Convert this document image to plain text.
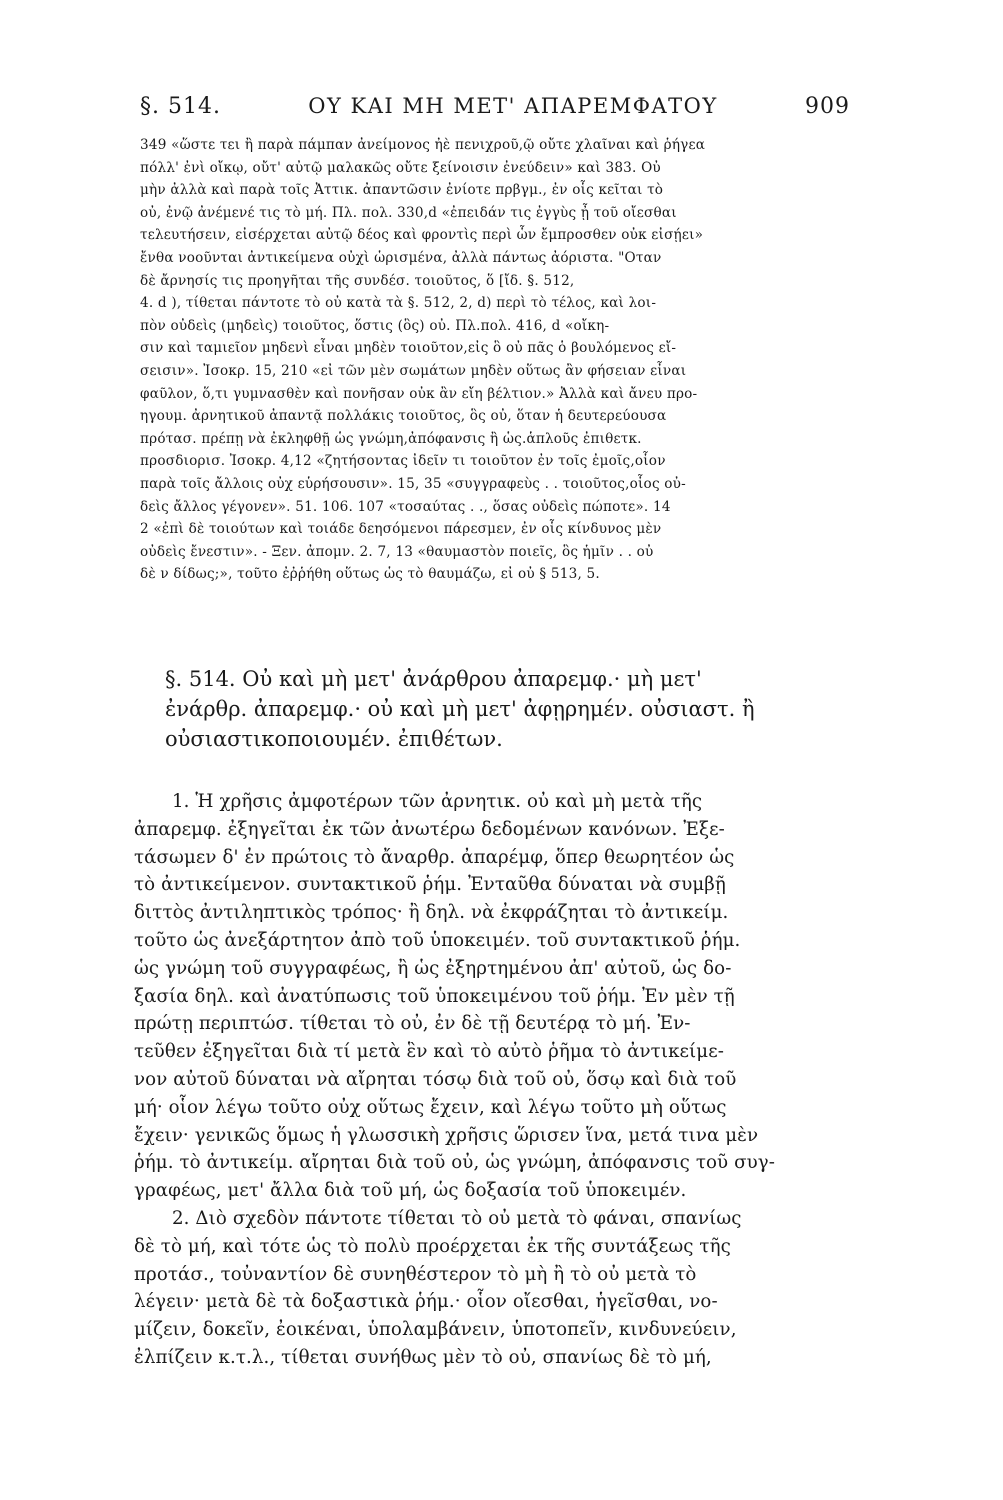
§. 514.	ΟΥ ΚΑΙ ΜΗ ΜΕΤ' ΑΠΑΡΕΜΦΑΤΟΥ	909
349 «ὥστε τει ἢ παρὰ πάμπαν ἀνείμονος ἠὲ πενιχροῦ,ῷ οὔτε χλαῖναι καὶ ῥήγεα
πόλλ' ἐνὶ οἴκῳ, οὔτ' αὐτῷ μαλακῶς οὔτε ξείνοισιν ἐνεύδειν» καὶ 383. Οὐ
μὴν ἀλλὰ καὶ παρὰ τοῖς Ἀττικ. ἀπαντῶσιν ἐνίοτε πρβγμ., ἐν οἷς κεῖται τὸ
οὐ, ἐνῷ ἀνέμενέ τις τὸ μή. Πλ. πολ. 330,d «ἐπειδάν τις ἐγγὺς ᾖ τοῦ οἴεσθαι
τελευτήσειν, εἰσέρχεται αὐτῷ δέος καὶ φροντὶς περὶ ὧν ἔμπροσθεν οὐκ εἰσῄει»
ἔνθα νοοῦνται ἀντικείμενα οὐχὶ ὡρισμένα, ἀλλὰ πάντως ἀόριστα. "Οταν
δὲ ἄρνησίς τις προηγῆται τῆς συνδέσ. τοιοῦτος, ὅ [ἴδ. §. 512,
4. d ), τίθεται πάντοτε τὸ οὐ κατὰ τὰ §. 512, 2, d) περὶ τὸ τέλος, καὶ λοι-
πὸν οὐδεὶς (μηδεὶς) τοιοῦτος, ὅστις (ὃς) οὐ. Πλ.πολ. 416, d «οἴκη-
σιν καὶ ταμιεῖον μηδενὶ εἶναι μηδὲν τοιοῦτον,εἰς ὃ οὐ πᾶς ὁ βουλόμενος εἴ-
σεισιν». Ἰσοκρ. 15, 210 «εἰ τῶν μὲν σωμάτων μηδὲν οὕτως ἂν φήσειαν εἶναι
φαῦλον, ὅ,τι γυμνασθὲν καὶ πονῆσαν οὐκ ἂν εἴη βέλτιον.» Ἀλλὰ καὶ ἄνευ προ-
ηγουμ. ἀρνητικοῦ ἀπαντᾷ πολλάκις τοιοῦτος, ὃς οὐ, ὅταν ἡ δευτερεύουσα
πρότασ. πρέπῃ νὰ ἐκληφθῇ ὡς γνώμη,ἀπόφανσις ἢ ὡς.ἁπλοῦς ἐπιθετκ.
προσδιορισ. Ἰσοκρ. 4,12 «ζητήσοντας ἰδεῖν τι τοιοῦτον ἐν τοῖς ἐμοῖς,οἷον
παρὰ τοῖς ἄλλοις οὐχ εὑρήσουσιν». 15, 35 «συγγραφεὺς . . τοιοῦτος,οἷος οὐ-
δεὶς ἄλλος γέγονεν». 51. 106. 107 «τοσαύτας . ., ὅσας οὐδεὶς πώποτε». 14
2 «ἐπὶ δὲ τοιούτων καὶ τοιάδε δεησόμενοι πάρεσμεν, ἐν οἷς κίνδυνος μὲν
οὐδεὶς ἔνεστιν». - Ξεν. ἀπομν. 2. 7, 13 «θαυμαστὸν ποιεῖς, ὃς ἡμῖν . . οὐ
δὲ ν δίδως;», τοῦτο ἐῤῥήθη οὕτως ὡς τὸ θαυμάζω, εἰ οὐ § 513, 5.
§. 514. Οὐ καὶ μὴ μετ' ἀνάρθρου ἀπαρεμφ.· μὴ μετ'
ἐνάρθρ. ἀπαρεμφ.· οὐ καὶ μὴ μετ' ἀφῃρημέν. οὐσιαστ. ἢ
οὐσιαστικοποιουμέν. ἐπιθέτων.
1. Ἡ χρῆσις ἀμφοτέρων τῶν ἀρνητικ. οὐ καὶ μὴ μετὰ τῆς
ἀπαρεμφ. ἐξηγεῖται ἐκ τῶν ἀνωτέρω δεδομένων κανόνων. Ἐξε-
τάσωμεν δ' ἐν πρώτοις τὸ ἄναρθρ. ἀπαρέμφ, ὅπερ θεωρητέον ὡς
τὸ ἀντικείμενον. συντακτικοῦ ῥήμ. Ἐνταῦθα δύναται νὰ συμβῇ
διττὸς ἀντιληπτικὸς τρόπος· ἢ δηλ. νὰ ἐκφράζηται τὸ ἀντικείμ.
τοῦτο ὡς ἀνεξάρτητον ἀπὸ τοῦ ὑποκειμέν. τοῦ συντακτικοῦ ῥήμ.
ὡς γνώμη τοῦ συγγραφέως, ἢ ὡς ἐξηρτημένου ἀπ' αὐτοῦ, ὡς δο-
ξασία δηλ. καὶ ἀνατύπωσις τοῦ ὑποκειμένου τοῦ ῥήμ. Ἐν μὲν τῇ
πρώτῃ περιπτώσ. τίθεται τὸ οὐ, ἐν δὲ τῇ δευτέρᾳ τὸ μή. Ἐν-
τεῦθεν ἐξηγεῖται διὰ τί μετὰ ἓν καὶ τὸ αὐτὸ ῥῆμα τὸ ἀντικείμε-
νον αὐτοῦ δύναται νὰ αἴρηται τόσῳ διὰ τοῦ οὐ, ὅσῳ καὶ διὰ τοῦ
μή· οἷον λέγω τοῦτο οὐχ οὕτως ἔχειν, καὶ λέγω τοῦτο μὴ οὕτως
ἔχειν· γενικῶς ὅμως ἡ γλωσσικὴ χρῆσις ὥρισεν ἵνα, μετά τινα μὲν
ῥήμ. τὸ ἀντικείμ. αἴρηται διὰ τοῦ οὐ, ὡς γνώμη, ἀπόφανσις τοῦ συγ-
γραφέως, μετ' ἄλλα διὰ τοῦ μή, ὡς δοξασία τοῦ ὑποκειμέν.
2. Διὸ σχεδὸν πάντοτε τίθεται τὸ οὐ μετὰ τὸ φάναι, σπανίως
δὲ τὸ μή, καὶ τότε ὡς τὸ πολὺ προέρχεται ἐκ τῆς συντάξεως τῆς
προτάσ., τοὐναντίον δὲ συνηθέστερον τὸ μὴ ἢ τὸ οὐ μετὰ τὸ
λέγειν· μετὰ δὲ τὰ δοξαστικὰ ῥήμ.· οἷον οἴεσθαι, ἡγεῖσθαι, νο-
μίζειν, δοκεῖν, ἐοικέναι, ὑπολαμβάνειν, ὑποτοπεῖν, κινδυνεύειν,
ἐλπίζειν κ.τ.λ., τίθεται συνήθως μὲν τὸ οὐ, σπανίως δὲ τὸ μή,
